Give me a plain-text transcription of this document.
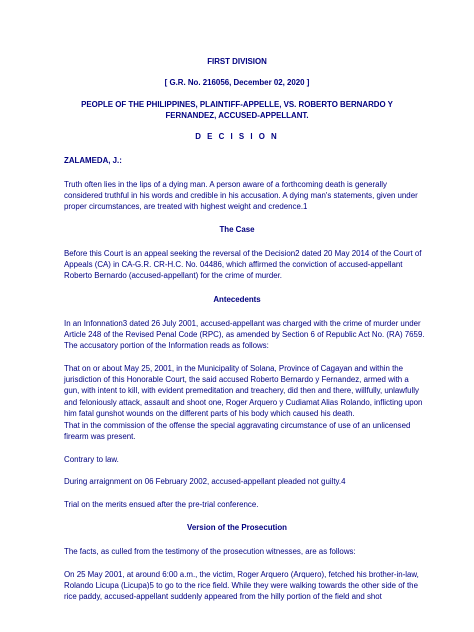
FIRST DIVISION
[ G.R. No. 216056, December 02, 2020 ]
PEOPLE OF THE PHILIPPINES, PLAINTIFF-APPELLE, VS. ROBERTO BERNARDO Y FERNANDEZ, ACCUSED-APPELLANT.
D E C I S I O N
ZALAMEDA, J.:

Truth often lies in the lips of a dying man. A person aware of a forthcoming death is generally considered truthful in his words and credible in his accusation. A dying man's statements, given under proper circumstances, are treated with highest weight and credence.1

The Case

Before this Court is an appeal seeking the reversal of the Decision2 dated 20 May 2014 of the Court of Appeals (CA) in CA-G.R. CR-H.C. No. 04486, which affirmed the conviction of accused-appellant Roberto Bernardo (accused-appellant) for the crime of murder.

Antecedents

In an Infonnation3 dated 26 July 2001, accused-appellant was charged with the crime of murder under Article 248 of the Revised Penal Code (RPC), as amended by Section 6 of Republic Act No. (RA) 7659. The accusatory portion of the Information reads as follows:

That on or about May 25, 2001, in the Municipality of Solana, Province of Cagayan and within the jurisdiction of this Honorable Court, the said accused Roberto Bernardo y Fernandez, armed with a gun, with intent to kill, with evident premeditation and treachery, did then and there, willfully, unlawfully and feloniously attack, assault and shoot one, Roger Arquero y Cudiamat Alias Rolando, inflicting upon him fatal gunshot wounds on the different parts of his body which caused his death.

That in the commission of the offense the special aggravating circumstance of use of an unlicensed firearm was present.

Contrary to law.

During arraignment on 06 February 2002, accused-appellant pleaded not guilty.4

Trial on the merits ensued after the pre-trial conference.

Version of the Prosecution

The facts, as culled from the testimony of the prosecution witnesses, are as follows:

On 25 May 2001, at around 6:00 a.m., the victim, Roger Arquero (Arquero), fetched his brother-in-law, Rolando Licupa (Licupa)5 to go to the rice field. While they were walking towards the other side of the rice paddy, accused-appellant suddenly appeared from the hilly portion of the field and shot
